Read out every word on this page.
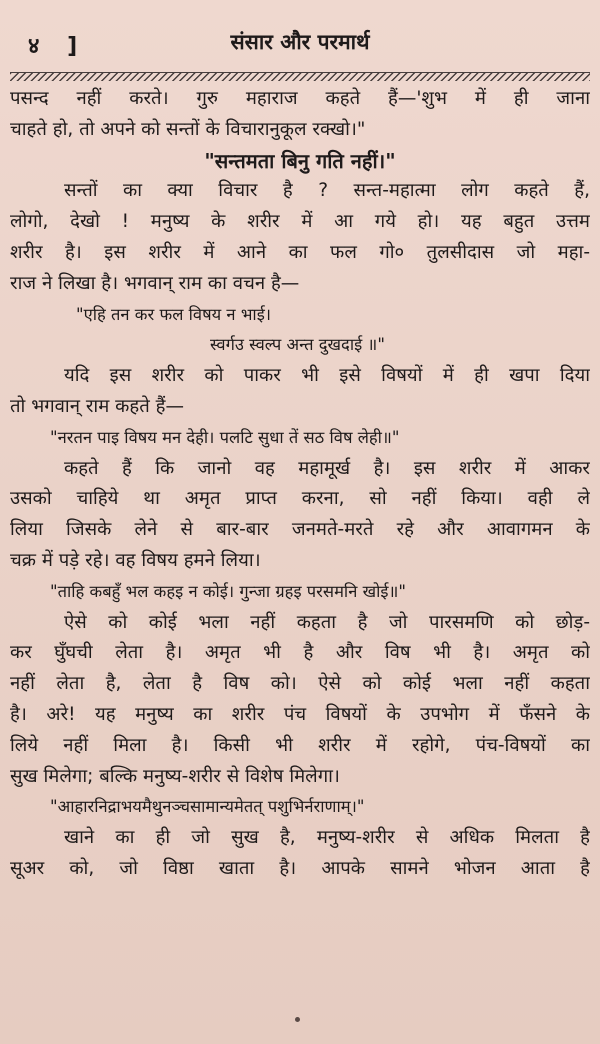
४ ]	संसार और परमार्थ
पसन्द नहीं करते। गुरु महाराज कहते हैं—'शुभ में ही जाना
चाहते हो, तो अपने को सन्तों के विचारानुकूल रक्खो।"
"सन्तमता बिनु गति नहीं।"
सन्तों का क्या विचार है ? सन्त-महात्मा लोग कहते हैं,
लोगो, देखो ! मनुष्य के शरीर में आ गये हो। यह बहुत उत्तम
शरीर है। इस शरीर में आने का फल गो० तुलसीदास जो महा-
राज ने लिखा है। भगवान् राम का वचन है—
"एहि तन कर फल विषय न भाई।
स्वर्गउ स्वल्प अन्त दुखदाई ॥"
यदि इस शरीर को पाकर भी इसे विषयों में ही खपा दिया
तो भगवान् राम कहते हैं—
"नरतन पाइ विषय मन देही। पलटि सुधा तें सठ विष लेही॥"
कहते हैं कि जानो वह महामूर्ख है। इस शरीर में आकर
उसको चाहिये था अमृत प्राप्त करना, सो नहीं किया। वही ले
लिया जिसके लेने से बार-बार जनमते-मरते रहे और आवागमन के
चक्र में पड़े रहे। वह विषय हमने लिया।
"ताहि कबहुँ भल कहइ न कोई। गुन्जा ग्रहइ परसमनि खोई॥"
ऐसे को कोई भला नहीं कहता है जो पारसमणि को छोड़-
कर घुँघची लेता है। अमृत भी है और विष भी है। अमृत को
नहीं लेता है, लेता है विष को। ऐसे को कोई भला नहीं कहता
है। अरे! यह मनुष्य का शरीर पंच विषयों के उपभोग में फँसने के
लिये नहीं मिला है। किसी भी शरीर में रहोगे, पंच-विषयों का
सुख मिलेगा; बल्कि मनुष्य-शरीर से विशेष मिलेगा।
"आहारनिद्राभयमैथुनञ्चसामान्यमेतत् पशुभिर्नराणाम्।"
खाने का ही जो सुख है, मनुष्य-शरीर से अधिक मिलता है
सूअर को, जो विष्ठा खाता है। आपके सामने भोजन आता है
